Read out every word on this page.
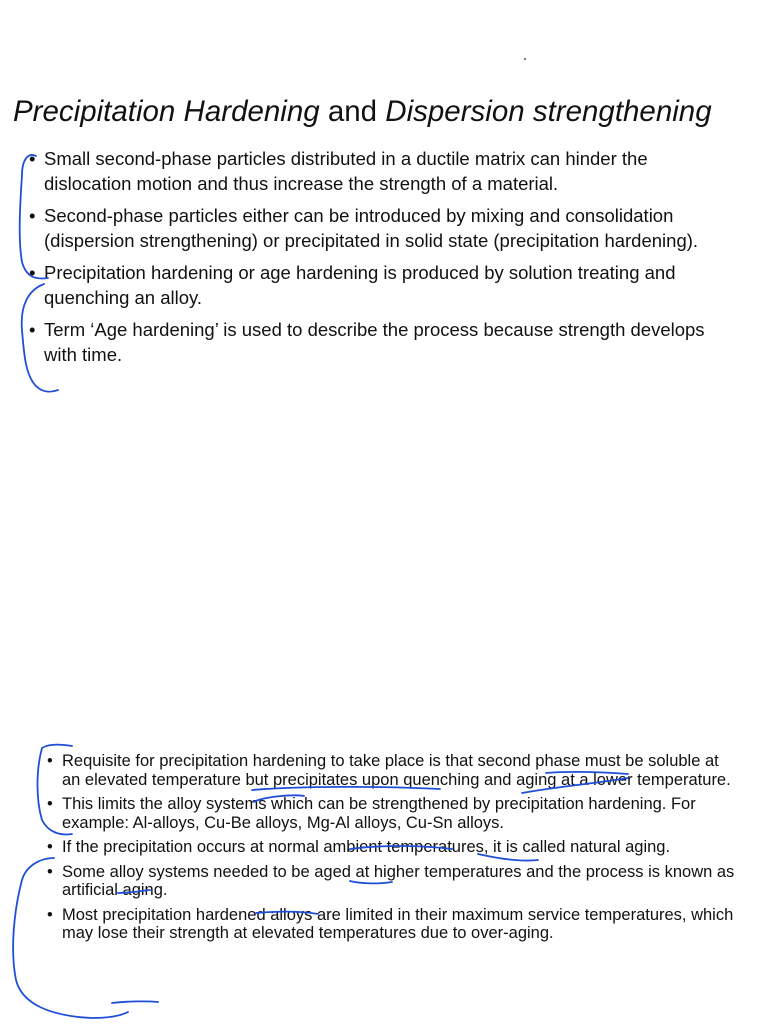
Precipitation Hardening and Dispersion strengthening
• Small second-phase particles distributed in a ductile matrix can hinder the dislocation motion and thus increase the strength of a material.
• Second-phase particles either can be introduced by mixing and consolidation (dispersion strengthening) or precipitated in solid state (precipitation hardening).
• Precipitation hardening or age hardening is produced by solution treating and quenching an alloy.
• Term ‘Age hardening’ is used to describe the process because strength develops with time.
• Requisite for precipitation hardening to take place is that second phase must be soluble at an elevated temperature but precipitates upon quenching and aging at a lower temperature.
• This limits the alloy systems which can be strengthened by precipitation hardening. For example: Al-alloys, Cu-Be alloys, Mg-Al alloys, Cu-Sn alloys.
• If the precipitation occurs at normal ambient temperatures, it is called natural aging.
• Some alloy systems needed to be aged at higher temperatures and the process is known as artificial aging.
• Most precipitation hardened alloys are limited in their maximum service temperatures, which may lose their strength at elevated temperatures due to over-aging.
